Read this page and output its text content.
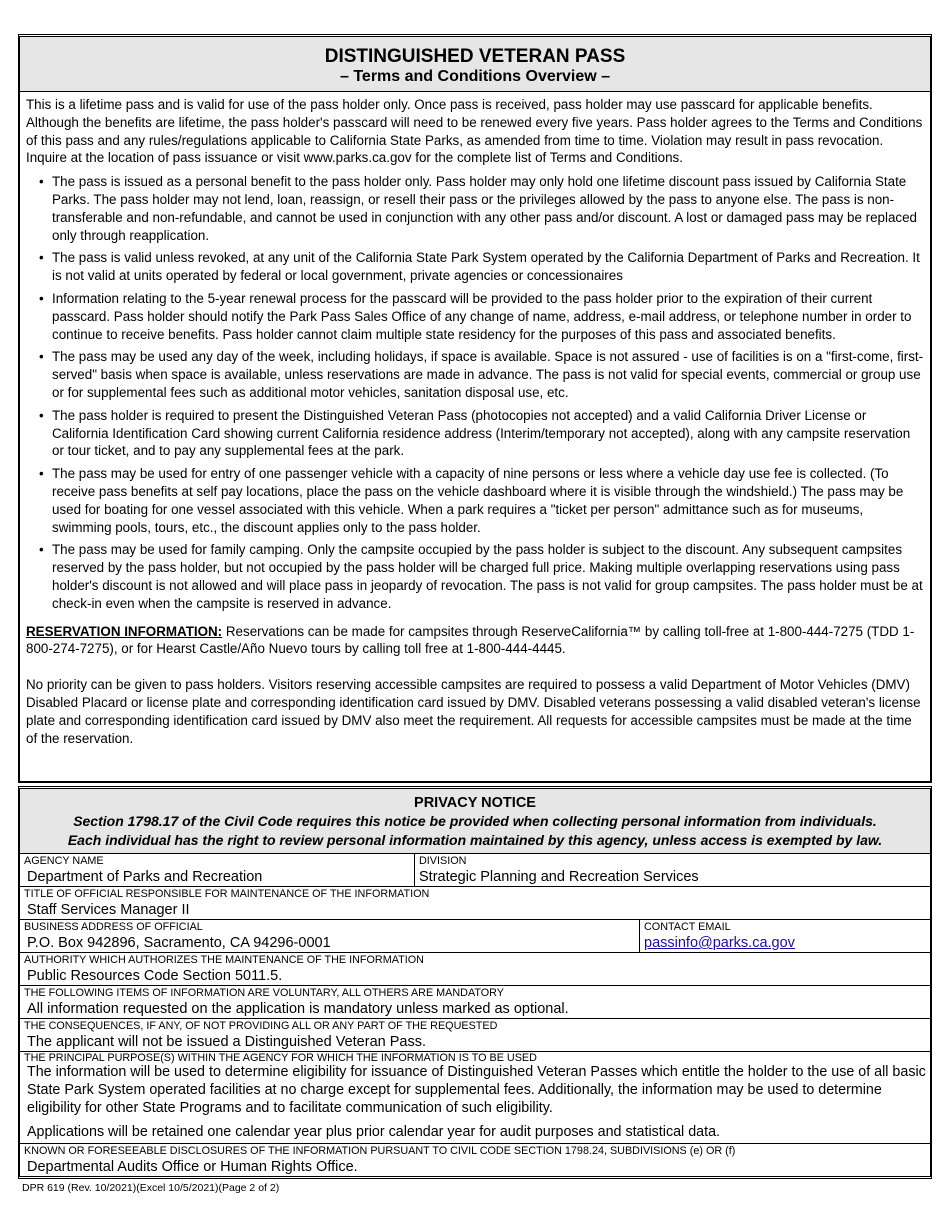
DISTINGUISHED VETERAN PASS
– Terms and Conditions Overview –

This is a lifetime pass and is valid for use of the pass holder only. Once pass is received, pass holder may use passcard for applicable benefits. Although the benefits are lifetime, the pass holder's passcard will need to be renewed every five years. Pass holder agrees to the Terms and Conditions of this pass and any rules/regulations applicable to California State Parks, as amended from time to time. Violation may result in pass revocation. Inquire at the location of pass issuance or visit www.parks.ca.gov for the complete list of Terms and Conditions.

• The pass is issued as a personal benefit to the pass holder only. Pass holder may only hold one lifetime discount pass issued by California State Parks. The pass holder may not lend, loan, reassign, or resell their pass or the privileges allowed by the pass to anyone else. The pass is non-transferable and non-refundable, and cannot be used in conjunction with any other pass and/or discount. A lost or damaged pass may be replaced only through reapplication.
• The pass is valid unless revoked, at any unit of the California State Park System operated by the California Department of Parks and Recreation. It is not valid at units operated by federal or local government, private agencies or concessionaires
• Information relating to the 5-year renewal process for the passcard will be provided to the pass holder prior to the expiration of their current passcard. Pass holder should notify the Park Pass Sales Office of any change of name, address, e-mail address, or telephone number in order to continue to receive benefits. Pass holder cannot claim multiple state residency for the purposes of this pass and associated benefits.
• The pass may be used any day of the week, including holidays, if space is available. Space is not assured - use of facilities is on a "first-come, first-served" basis when space is available, unless reservations are made in advance. The pass is not valid for special events, commercial or group use or for supplemental fees such as additional motor vehicles, sanitation disposal use, etc.
• The pass holder is required to present the Distinguished Veteran Pass (photocopies not accepted) and a valid California Driver License or California Identification Card showing current California residence address (Interim/temporary not accepted), along with any campsite reservation or tour ticket, and to pay any supplemental fees at the park.
• The pass may be used for entry of one passenger vehicle with a capacity of nine persons or less where a vehicle day use fee is collected. (To receive pass benefits at self pay locations, place the pass on the vehicle dashboard where it is visible through the windshield.) The pass may be used for boating for one vessel associated with this vehicle. When a park requires a "ticket per person" admittance such as for museums, swimming pools, tours, etc., the discount applies only to the pass holder.
• The pass may be used for family camping. Only the campsite occupied by the pass holder is subject to the discount. Any subsequent campsites reserved by the pass holder, but not occupied by the pass holder will be charged full price. Making multiple overlapping reservations using pass holder's discount is not allowed and will place pass in jeopardy of revocation. The pass is not valid for group campsites. The pass holder must be at check-in even when the campsite is reserved in advance.

RESERVATION INFORMATION: Reservations can be made for campsites through ReserveCalifornia™ by calling toll-free at 1-800-444-7275 (TDD 1-800-274-7275), or for Hearst Castle/Año Nuevo tours by calling toll free at 1-800-444-4445.

No priority can be given to pass holders. Visitors reserving accessible campsites are required to possess a valid Department of Motor Vehicles (DMV) Disabled Placard or license plate and corresponding identification card issued by DMV. Disabled veterans possessing a valid disabled veteran's license plate and corresponding identification card issued by DMV also meet the requirement. All requests for accessible campsites must be made at the time of the reservation.

PRIVACY NOTICE
Section 1798.17 of the Civil Code requires this notice be provided when collecting personal information from individuals.
Each individual has the right to review personal information maintained by this agency, unless access is exempted by law.
AGENCY NAME
Department of Parks and Recreation
DIVISION
Strategic Planning and Recreation Services
TITLE OF OFFICIAL RESPONSIBLE FOR MAINTENANCE OF THE INFORMATION
Staff Services Manager II
BUSINESS ADDRESS OF OFFICIAL
P.O. Box 942896, Sacramento, CA 94296-0001
CONTACT EMAIL
passinfo@parks.ca.gov
AUTHORITY WHICH AUTHORIZES THE MAINTENANCE OF THE INFORMATION
Public Resources Code Section 5011.5.
THE FOLLOWING ITEMS OF INFORMATION ARE VOLUNTARY, ALL OTHERS ARE MANDATORY
All information requested on the application is mandatory unless marked as optional.
THE CONSEQUENCES, IF ANY, OF NOT PROVIDING ALL OR ANY PART OF THE REQUESTED
The applicant will not be issued a Distinguished Veteran Pass.
THE PRINCIPAL PURPOSE(S) WITHIN THE AGENCY FOR WHICH THE INFORMATION IS TO BE USED
The information will be used to determine eligibility for issuance of Distinguished Veteran Passes which entitle the holder to the use of all basic State Park System operated facilities at no charge except for supplemental fees. Additionally, the information may be used to determine eligibility for other State Programs and to facilitate communication of such eligibility.
Applications will be retained one calendar year plus prior calendar year for audit purposes and statistical data.
KNOWN OR FORESEEABLE DISCLOSURES OF THE INFORMATION PURSUANT TO CIVIL CODE SECTION 1798.24, SUBDIVISIONS (e) OR (f)
Departmental Audits Office or Human Rights Office.
DPR 619 (Rev. 10/2021)(Excel 10/5/2021)(Page 2 of 2)
